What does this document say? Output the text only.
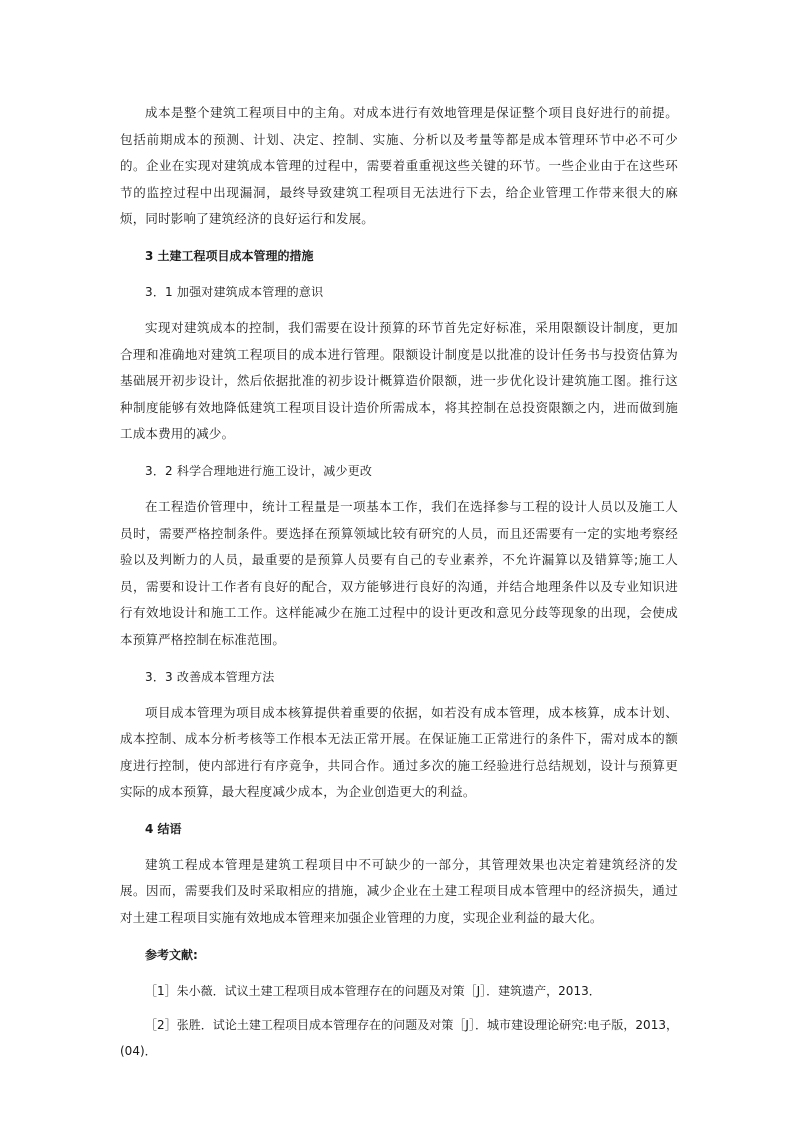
成本是整个建筑工程项目中的主角。对成本进行有效地管理是保证整个项目良好进行的前提。包括前期成本的预测、计划、决定、控制、实施、分析以及考量等都是成本管理环节中必不可少的。企业在实现对建筑成本管理的过程中，需要着重重视这些关键的环节。一些企业由于在这些环节的监控过程中出现漏洞，最终导致建筑工程项目无法进行下去，给企业管理工作带来很大的麻烦，同时影响了建筑经济的良好运行和发展。

3 土建工程项目成本管理的措施
3．1 加强对建筑成本管理的意识

实现对建筑成本的控制，我们需要在设计预算的环节首先定好标准，采用限额设计制度，更加合理和准确地对建筑工程项目的成本进行管理。限额设计制度是以批准的设计任务书与投资估算为基础展开初步设计，然后依据批准的初步设计概算造价限额，进一步优化设计建筑施工图。推行这种制度能够有效地降低建筑工程项目设计造价所需成本，将其控制在总投资限额之内，进而做到施工成本费用的减少。

3．2 科学合理地进行施工设计，减少更改

在工程造价管理中，统计工程量是一项基本工作，我们在选择参与工程的设计人员以及施工人员时，需要严格控制条件。要选择在预算领域比较有研究的人员，而且还需要有一定的实地考察经验以及判断力的人员，最重要的是预算人员要有自己的专业素养，不允许漏算以及错算等;施工人员，需要和设计工作者有良好的配合，双方能够进行良好的沟通，并结合地理条件以及专业知识进行有效地设计和施工工作。这样能减少在施工过程中的设计更改和意见分歧等现象的出现，会使成本预算严格控制在标准范围。

3．3 改善成本管理方法

项目成本管理为项目成本核算提供着重要的依据，如若没有成本管理，成本核算，成本计划、成本控制、成本分析考核等工作根本无法正常开展。在保证施工正常进行的条件下，需对成本的额度进行控制，使内部进行有序竟争，共同合作。通过多次的施工经验进行总结规划，设计与预算更实际的成本预算，最大程度减少成本，为企业创造更大的利益。

4 结语

建筑工程成本管理是建筑工程项目中不可缺少的一部分，其管理效果也决定着建筑经济的发展。因而，需要我们及时采取相应的措施，减少企业在土建工程项目成本管理中的经济损失，通过对土建工程项目实施有效地成本管理来加强企业管理的力度，实现企业利益的最大化。

参考文献:

［1］朱小薇．试议土建工程项目成本管理存在的问题及对策［J］．建筑遗产，2013．

［2］张胜．试论土建工程项目成本管理存在的问题及对策［J］．城市建设理论研究:电子版，2013，(04)．
